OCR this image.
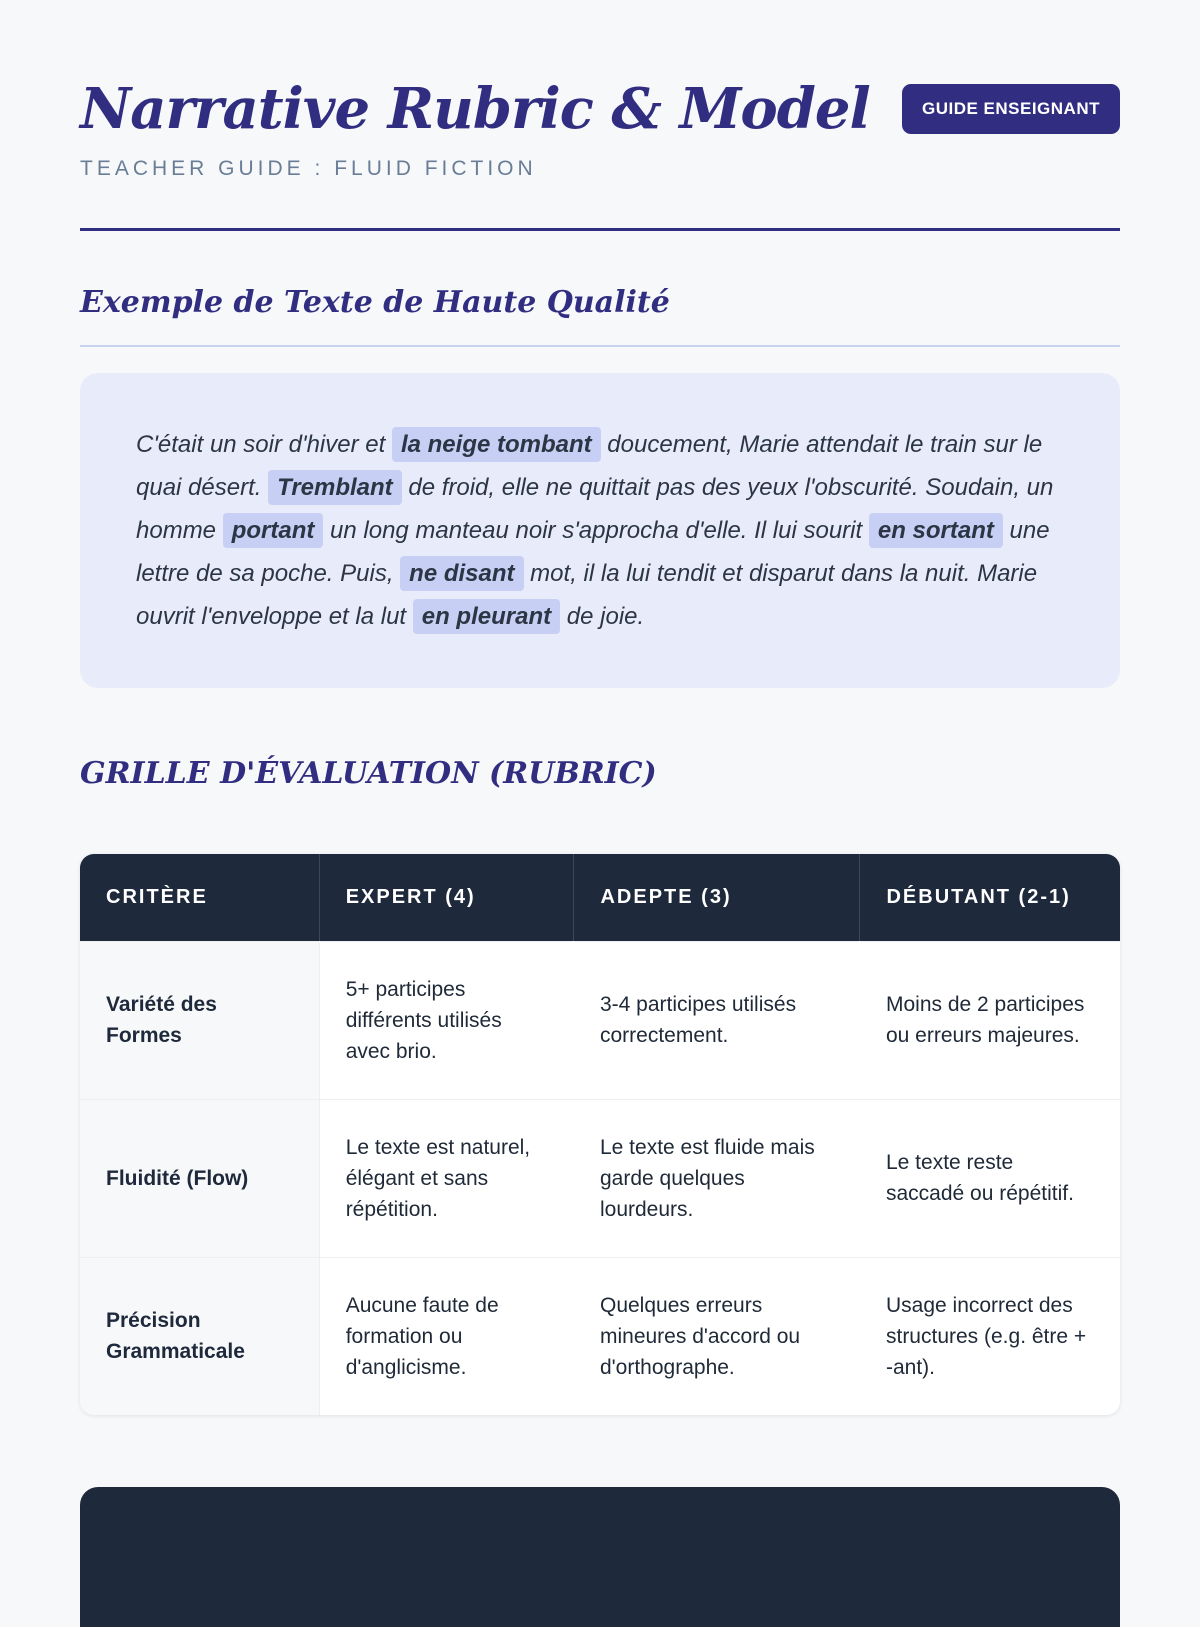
Narrative Rubric & Model
TEACHER GUIDE : FLUID FICTION
GUIDE ENSEIGNANT
Exemple de Texte de Haute Qualité

C'était un soir d'hiver et la neige tombant doucement, Marie attendait le train sur le quai désert. Tremblant de froid, elle ne quittait pas des yeux l'obscurité. Soudain, un homme portant un long manteau noir s'approcha d'elle. Il lui sourit en sortant une lettre de sa poche. Puis, ne disant mot, il la lui tendit et disparut dans la nuit. Marie ouvrit l'enveloppe et la lut en pleurant de joie.

GRILLE D'ÉVALUATION (RUBRIC)
CRITÈRE	EXPERT (4)	ADEPTE (3)	DÉBUTANT (2-1)
Variété des Formes	5+ participes différents utilisés avec brio.	3-4 participes utilisés correctement.	Moins de 2 participes ou erreurs majeures.
Fluidité (Flow)	Le texte est naturel, élégant et sans répétition.	Le texte est fluide mais garde quelques lourdeurs.	Le texte reste saccadé ou répétitif.
Précision Grammaticale	Aucune faute de formation ou d'anglicisme.	Quelques erreurs mineures d'accord ou d'orthographe.	Usage incorrect des structures (e.g. être + -ant).
